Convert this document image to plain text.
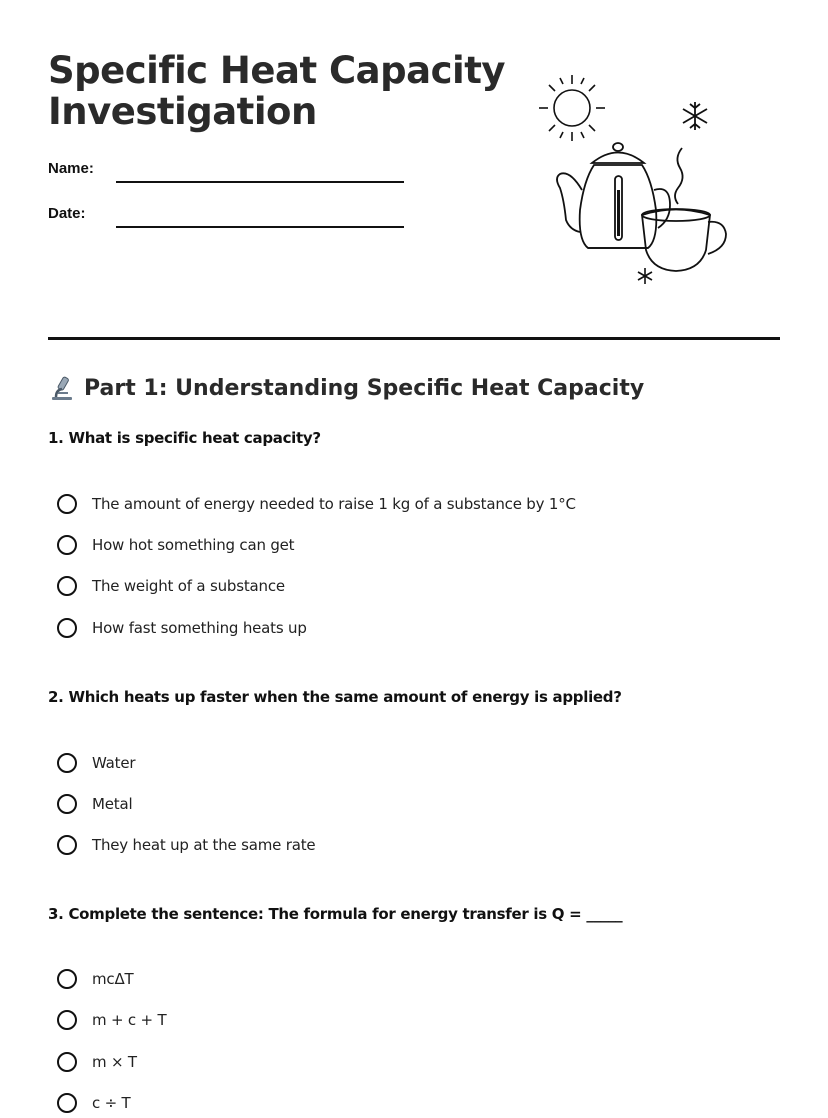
Specific Heat Capacity
Investigation
Name:
Date:
Part 1: Understanding Specific Heat Capacity

1. What is specific heat capacity?

The amount of energy needed to raise 1 kg of a substance by 1°C
How hot something can get
The weight of a substance
How fast something heats up

2. Which heats up faster when the same amount of energy is applied?

Water
Metal
They heat up at the same rate

3. Complete the sentence: The formula for energy transfer is Q = _____

mcΔT
m + c + T
m × T
c ÷ T
